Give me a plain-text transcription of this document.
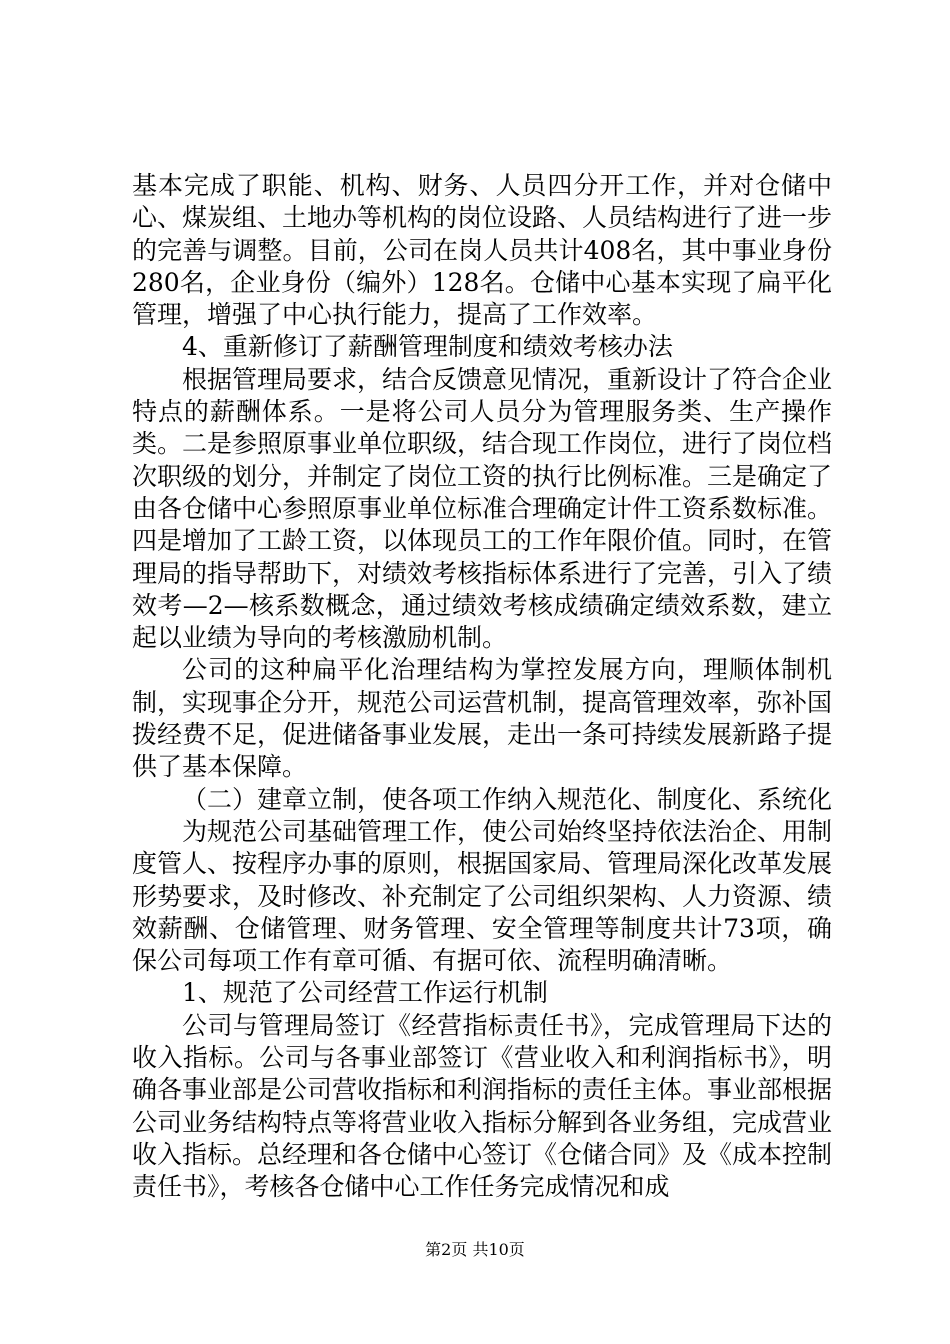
基本完成了职能、机构、财务、人员四分开工作，并对仓储中心、煤炭组、土地办等机构的岗位设路、人员结构进行了进一步的完善与调整。目前，公司在岗人员共计408名，其中事业身份280名，企业身份（编外）128名。仓储中心基本实现了扁平化管理，增强了中心执行能力，提高了工作效率。

4、重新修订了薪酬管理制度和绩效考核办法

根据管理局要求，结合反馈意见情况，重新设计了符合企业特点的薪酬体系。一是将公司人员分为管理服务类、生产操作类。二是参照原事业单位职级，结合现工作岗位，进行了岗位档次职级的划分，并制定了岗位工资的执行比例标准。三是确定了由各仓储中心参照原事业单位标准合理确定计件工资系数标准。四是增加了工龄工资，以体现员工的工作年限价值。同时，在管理局的指导帮助下，对绩效考核指标体系进行了完善，引入了绩效考—2—核系数概念，通过绩效考核成绩确定绩效系数，建立起以业绩为导向的考核激励机制。

公司的这种扁平化治理结构为掌控发展方向，理顺体制机制，实现事企分开，规范公司运营机制，提高管理效率，弥补国拨经费不足，促进储备事业发展，走出一条可持续发展新路子提供了基本保障。

（二）建章立制，使各项工作纳入规范化、制度化、系统化

为规范公司基础管理工作，使公司始终坚持依法治企、用制度管人、按程序办事的原则，根据国家局、管理局深化改革发展形势要求，及时修改、补充制定了公司组织架构、人力资源、绩效薪酬、仓储管理、财务管理、安全管理等制度共计73项，确保公司每项工作有章可循、有据可依、流程明确清晰。

1、规范了公司经营工作运行机制

公司与管理局签订《经营指标责任书》，完成管理局下达的收入指标。公司与各事业部签订《营业收入和利润指标书》，明确各事业部是公司营收指标和利润指标的责任主体。事业部根据公司业务结构特点等将营业收入指标分解到各业务组，完成营业收入指标。总经理和各仓储中心签订《仓储合同》及《成本控制责任书》，考核各仓储中心工作任务完成情况和成

第2页 共10页
